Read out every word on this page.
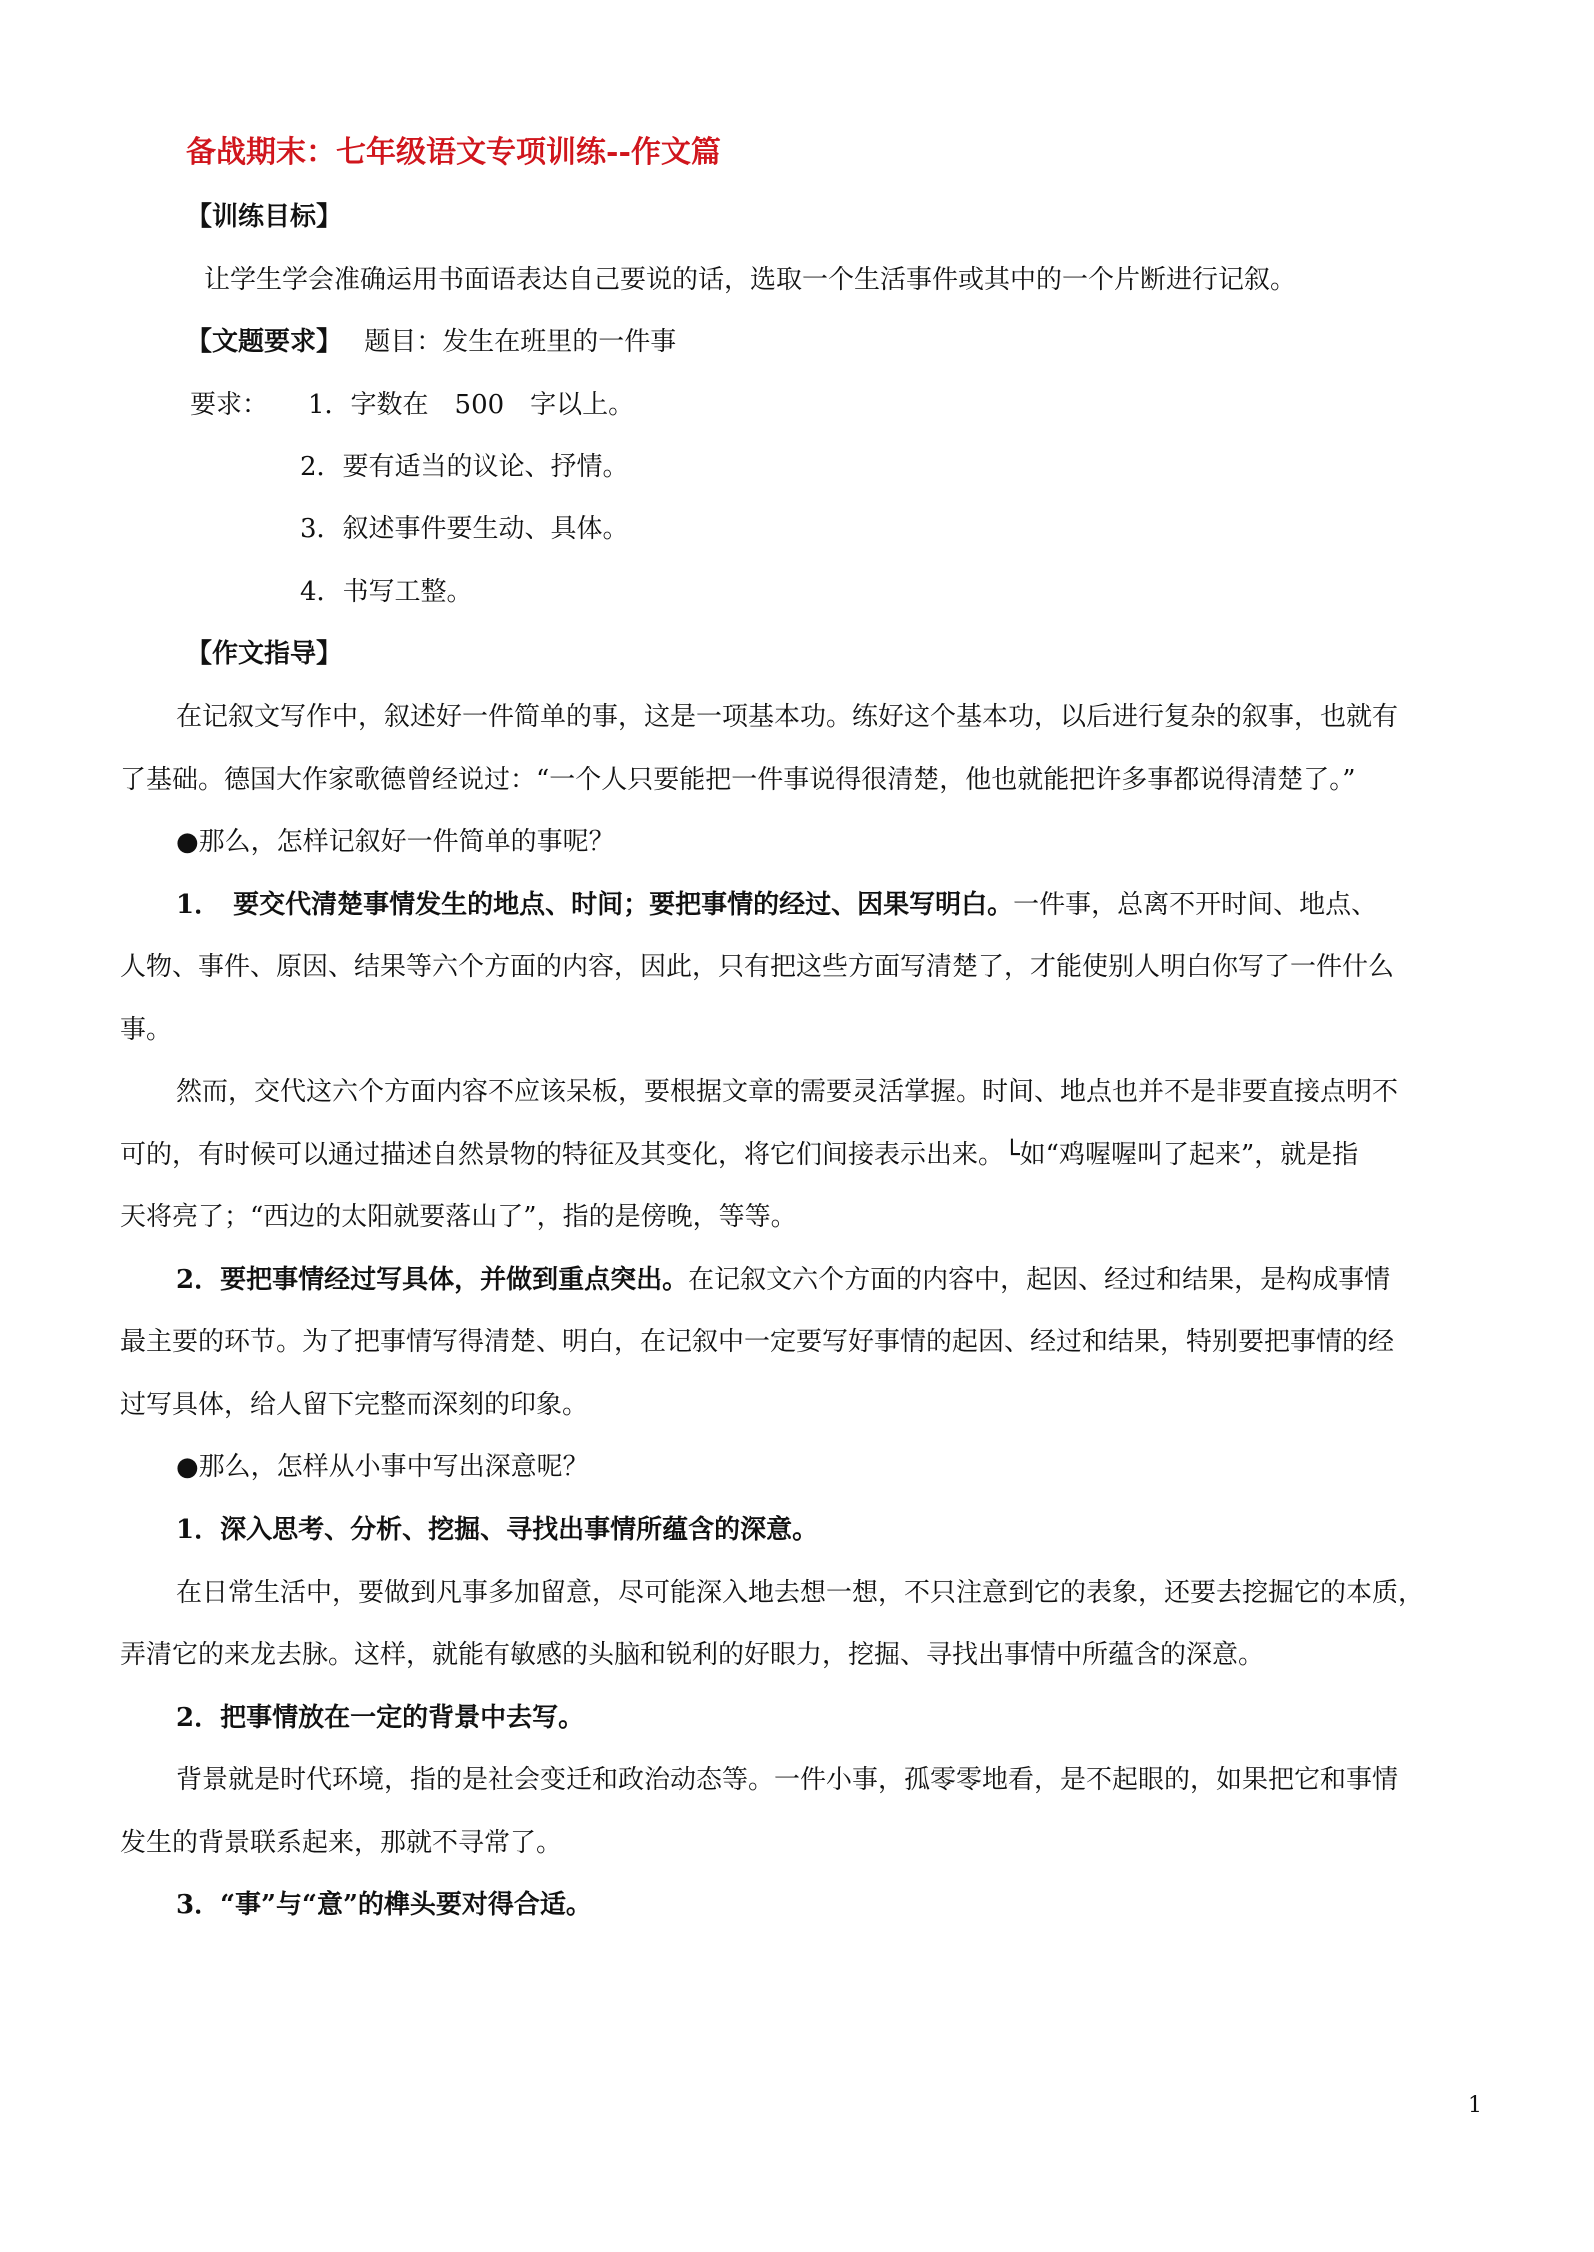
备战期末：七年级语文专项训练--作文篇
【训练目标】
让学生学会准确运用书面语表达自己要说的话，选取一个生活事件或其中的一个片断进行记叙。
【文题要求】 题目：发生在班里的一件事
要求：	1．字数在　500　字以上。
2．要有适当的议论、抒情。
3．叙述事件要生动、具体。
4．书写工整。
【作文指导】
在记叙文写作中，叙述好一件简单的事，这是一项基本功。练好这个基本功，以后进行复杂的叙事，也就有
了基础。德国大作家歌德曾经说过：“一个人只要能把一件事说得很清楚，他也就能把许多事都说得清楚了。”
●那么，怎样记叙好一件简单的事呢？
1．　要交代清楚事情发生的地点、时间；要把事情的经过、因果写明白。一件事，总离不开时间、地点、
人物、事件、原因、结果等六个方面的内容，因此，只有把这些方面写清楚了，才能使别人明白你写了一件什么
事。
然而，交代这六个方面内容不应该呆板，要根据文章的需要灵活掌握。时间、地点也并不是非要直接点明不
可的，有时候可以通过描述自然景物的特征及其变化，将它们间接表示出来。└如“鸡喔喔叫了起来”，就是指
天将亮了；“西边的太阳就要落山了”，指的是傍晚，等等。
2．要把事情经过写具体，并做到重点突出。在记叙文六个方面的内容中，起因、经过和结果，是构成事情
最主要的环节。为了把事情写得清楚、明白，在记叙中一定要写好事情的起因、经过和结果，特别要把事情的经
过写具体，给人留下完整而深刻的印象。
●那么，怎样从小事中写出深意呢？
1．深入思考、分析、挖掘、寻找出事情所蕴含的深意。
在日常生活中，要做到凡事多加留意，尽可能深入地去想一想，不只注意到它的表象，还要去挖掘它的本质，
弄清它的来龙去脉。这样，就能有敏感的头脑和锐利的好眼力，挖掘、寻找出事情中所蕴含的深意。
2．把事情放在一定的背景中去写。
背景就是时代环境，指的是社会变迁和政治动态等。一件小事，孤零零地看，是不起眼的，如果把它和事情
发生的背景联系起来，那就不寻常了。
3．“事”与“意”的榫头要对得合适。
1
